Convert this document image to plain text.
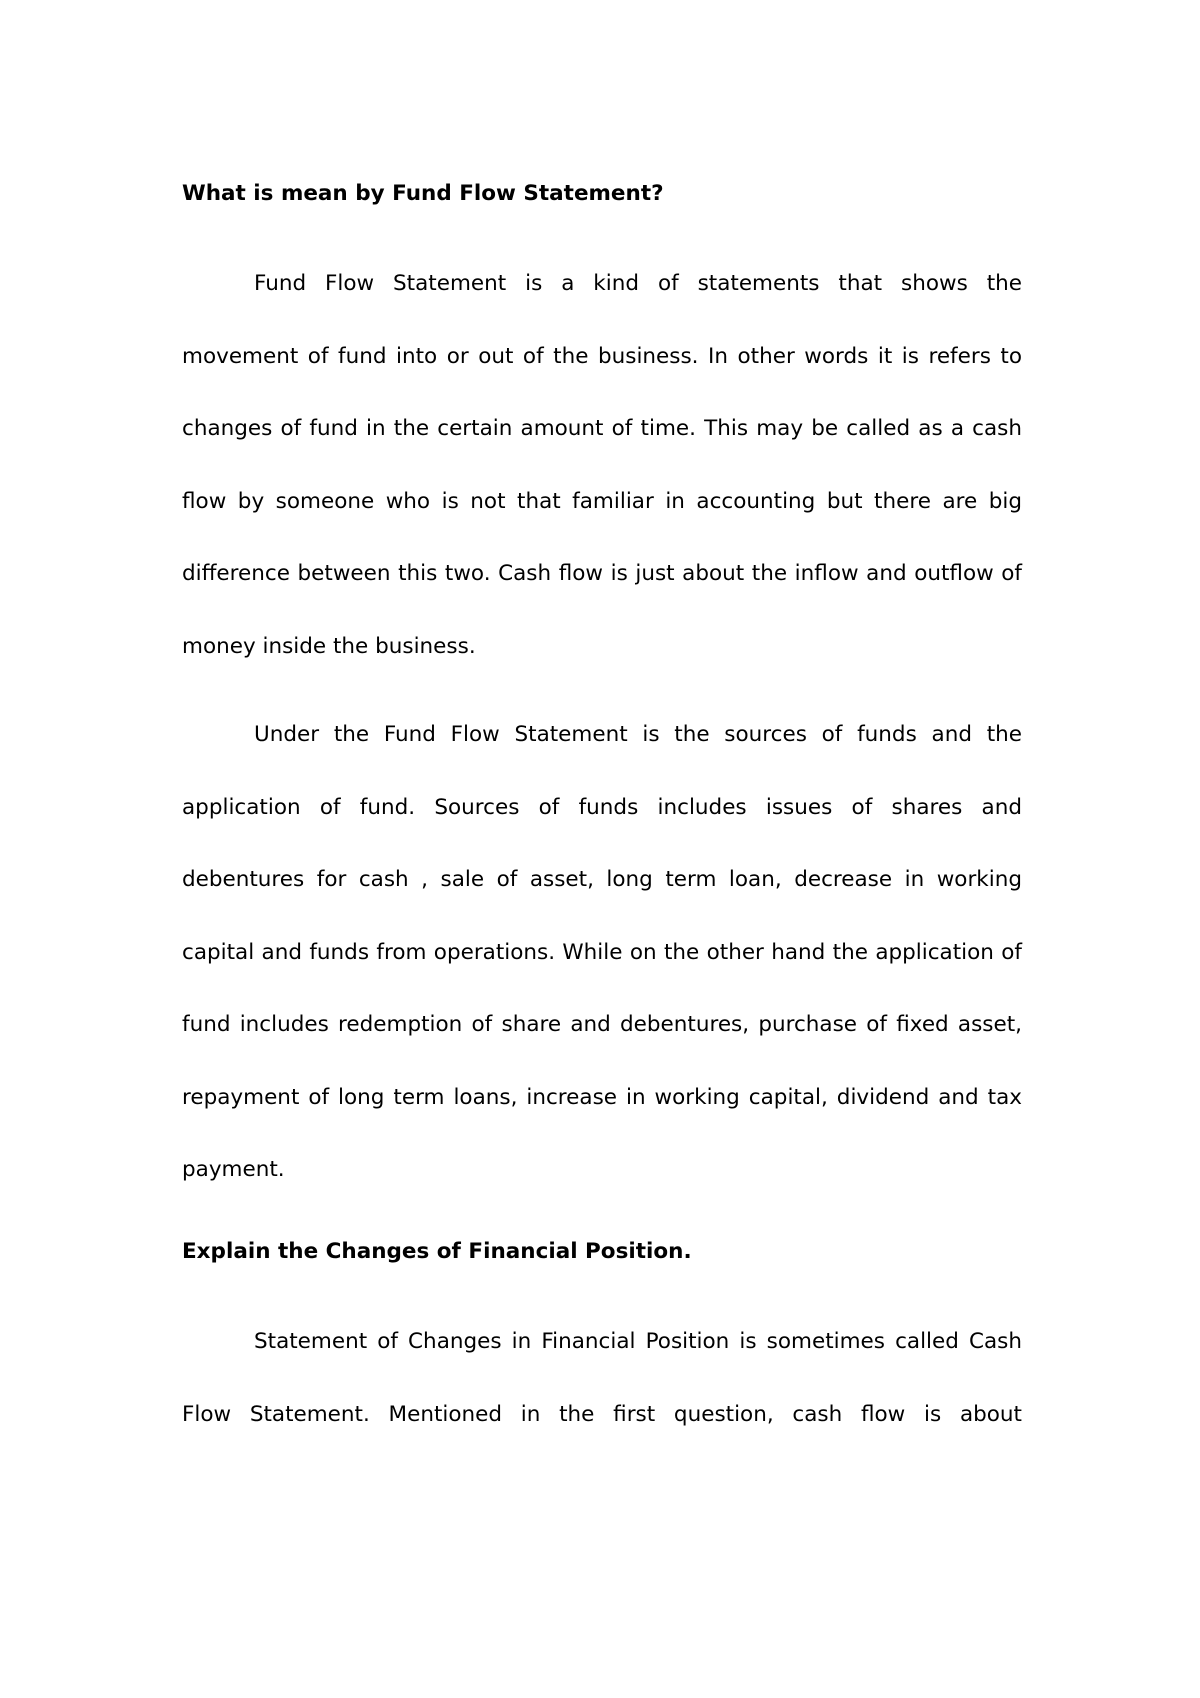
What is mean by Fund Flow Statement?

Fund Flow Statement is a kind of statements that shows the movement of fund into or out of the business. In other words it is refers to changes of fund in the certain amount of time. This may be called as a cash flow by someone who is not that familiar in accounting but there are big difference between this two. Cash flow is just about the inflow and outflow of money inside the business.

Under the Fund Flow Statement is the sources of funds and the application of fund. Sources of funds includes issues of shares and debentures for cash , sale of asset, long term loan, decrease in working capital and funds from operations. While on the other hand the application of fund includes redemption of share and debentures, purchase of fixed asset, repayment of long term loans, increase in working capital, dividend and tax payment.

Explain the Changes of Financial Position.

Statement of Changes in Financial Position is sometimes called Cash Flow Statement. Mentioned in the first question, cash flow is about
